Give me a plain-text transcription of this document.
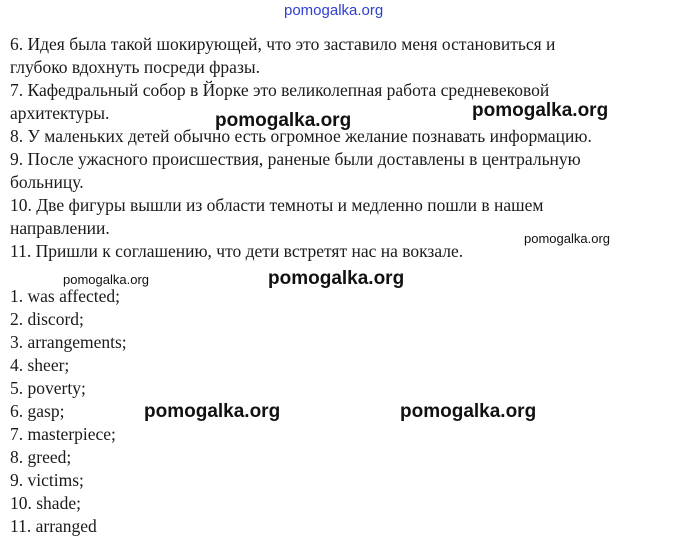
pomogalka.org
pomogalka.org
pomogalka.org
pomogalka.org
pomogalka.org	pomogalka.org
pomogalka.org	pomogalka.org
6. Идея была такой шокирующей, что это заставило меня остановиться и
глубоко вдохнуть посреди фразы.
7. Кафедральный собор в Йорке это великолепная работа средневековой
архитектуры.
8. У маленьких детей обычно есть огромное желание познавать информацию.
9. После ужасного происшествия, раненые были доставлены в центральную
больницу.
10. Две фигуры вышли из области темноты и медленно пошли в нашем
направлении.
11. Пришли к соглашению, что дети встретят нас на вокзале.
1. was affected;
2. discord;
3. arrangements;
4. sheer;
5. poverty;
6. gasp;
7. masterpiece;
8. greed;
9. victims;
10. shade;
11. arranged
